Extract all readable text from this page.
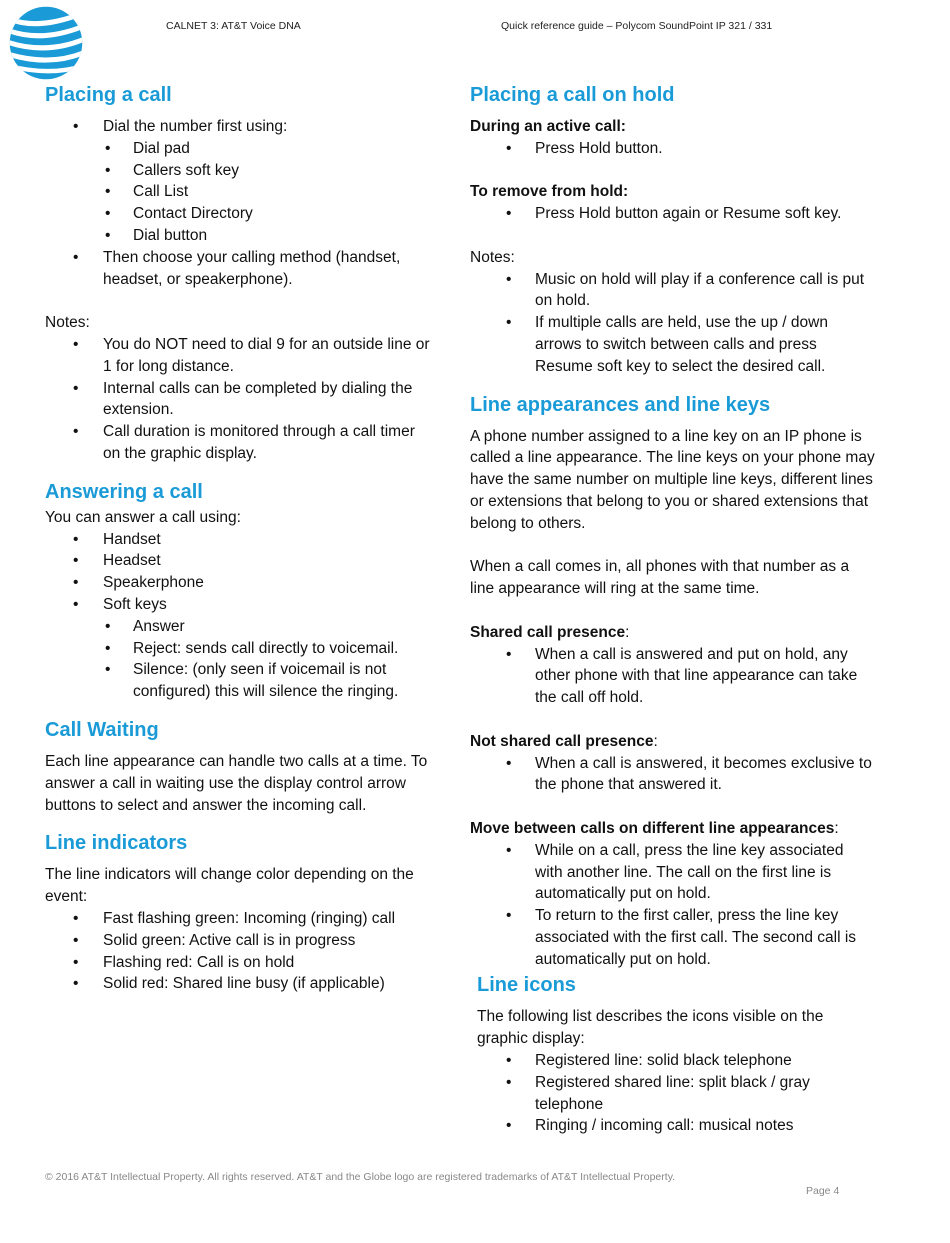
CALNET 3: AT&T Voice DNA	Quick reference guide – Polycom SoundPoint IP 321 / 331
Placing a call
• Dial the number first using:
• Dial pad
• Callers soft key
• Call List
• Contact Directory
• Dial button
• Then choose your calling method (handset, headset, or speakerphone).

Notes:

• You do NOT need to dial 9 for an outside line or 1 for long distance.
• Internal calls can be completed by dialing the extension.
• Call duration is monitored through a call timer on the graphic display.
Answering a call

You can answer a call using:

• Handset
• Headset
• Speakerphone
• Soft keys
• Answer
• Reject: sends call directly to voicemail.
• Silence: (only seen if voicemail is not configured) this will silence the ringing.
Call Waiting

Each line appearance can handle two calls at a time. To answer a call in waiting use the display control arrow buttons to select and answer the incoming call.

Line indicators

The line indicators will change color depending on the event:

• Fast flashing green: Incoming (ringing) call
• Solid green: Active call is in progress
• Flashing red: Call is on hold
• Solid red: Shared line busy (if applicable)
Placing a call on hold

During an active call:

• Press Hold button.

To remove from hold:

• Press Hold button again or Resume soft key.

Notes:

• Music on hold will play if a conference call is put on hold.
• If multiple calls are held, use the up / down arrows to switch between calls and press Resume soft key to select the desired call.
Line appearances and line keys

A phone number assigned to a line key on an IP phone is called a line appearance. The line keys on your phone may have the same number on multiple line keys, different lines or extensions that belong to you or shared extensions that belong to others.

When a call comes in, all phones with that number as a line appearance will ring at the same time.

Shared call presence:

• When a call is answered and put on hold, any other phone with that line appearance can take the call off hold.

Not shared call presence:

• When a call is answered, it becomes exclusive to the phone that answered it.

Move between calls on different line appearances:

• While on a call, press the line key associated with another line. The call on the first line is automatically put on hold.
• To return to the first caller, press the line key associated with the first call. The second call is automatically put on hold.
Line icons

The following list describes the icons visible on the graphic display:

• Registered line: solid black telephone
• Registered shared line: split black / gray telephone
• Ringing / incoming call: musical notes
© 2016 AT&T Intellectual Property. All rights reserved. AT&T and the Globe logo are registered trademarks of AT&T Intellectual Property.
Page 4
